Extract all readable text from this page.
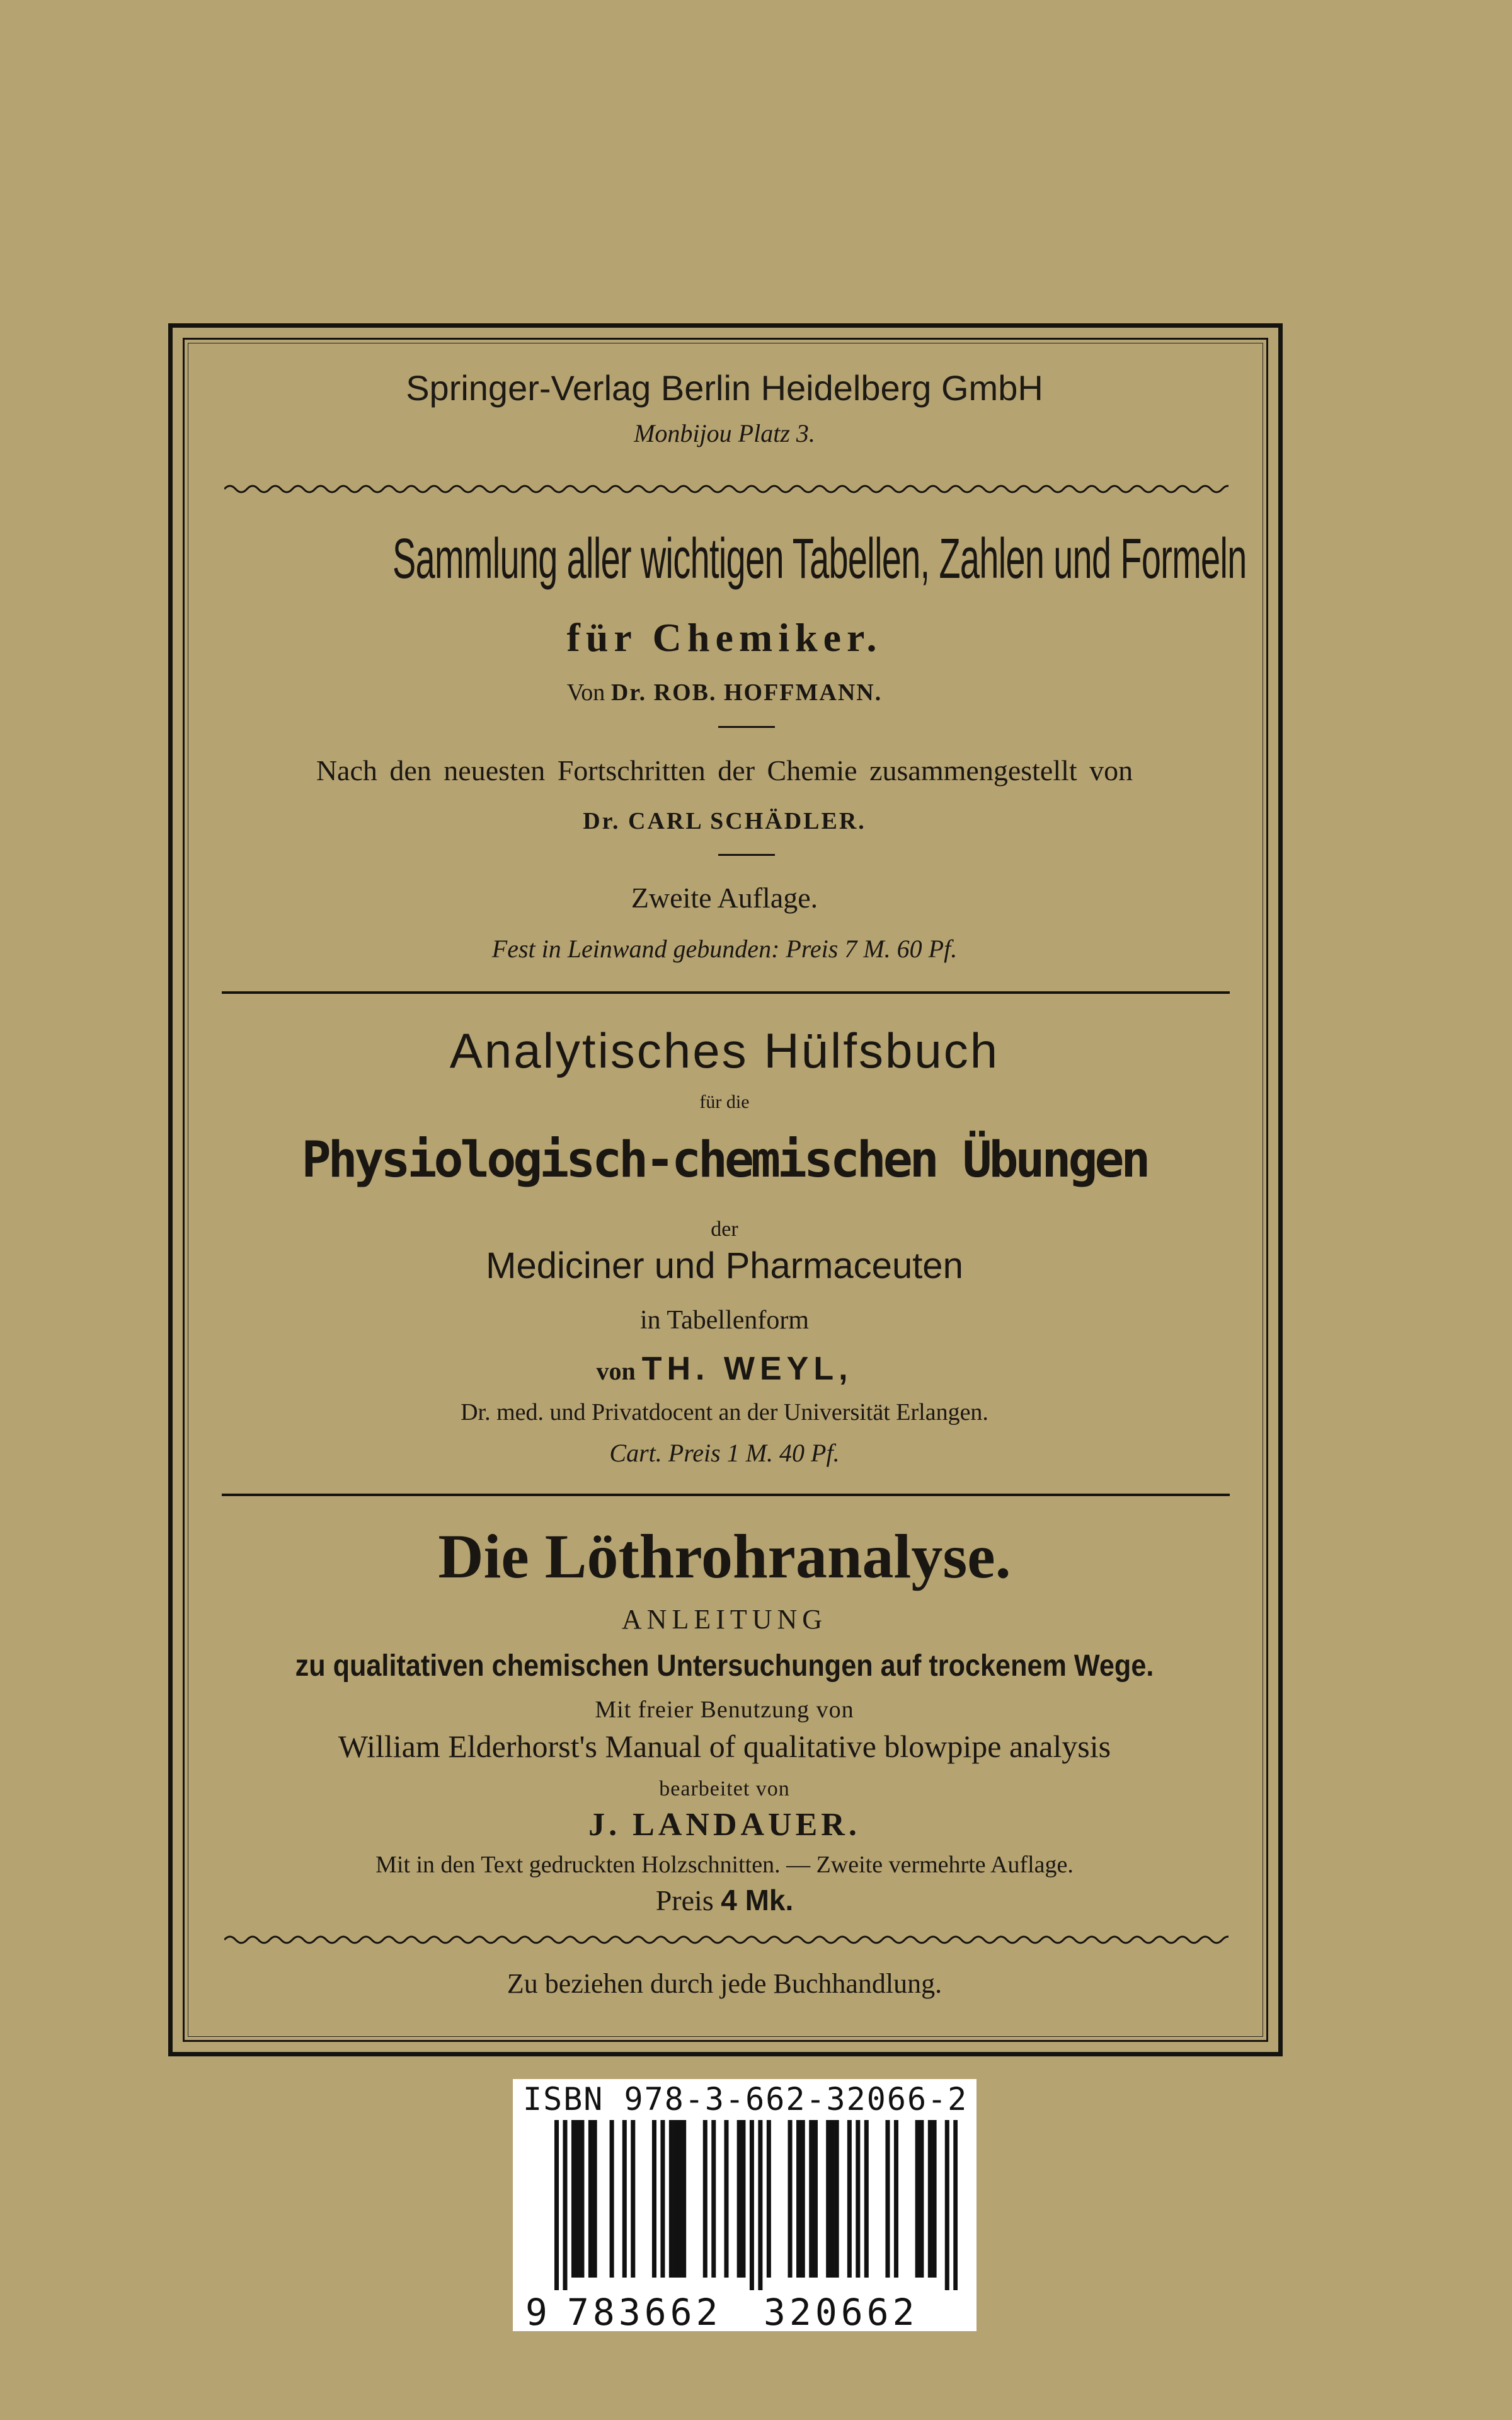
Springer-Verlag Berlin Heidelberg GmbH
Monbijou Platz 3.
Sammlung aller wichtigen Tabellen, Zahlen und Formeln
für Chemiker.
Von Dr. ROB. HOFFMANN.
Nach den neuesten Fortschritten der Chemie zusammengestellt von
Dr. CARL SCHÄDLER.
Zweite Auflage.
Fest in Leinwand gebunden: Preis 7 M. 60 Pf.
Analytisches Hülfsbuch
für die
Physiologisch-chemischen Übungen
der
Mediciner und Pharmaceuten
in Tabellenform
von TH. WEYL,
Dr. med. und Privatdocent an der Universität Erlangen.
Cart. Preis 1 M. 40 Pf.
Die Löthrohranalyse.
ANLEITUNG
zu qualitativen chemischen Untersuchungen auf trockenem Wege.
Mit freier Benutzung von
William Elderhorst's Manual of qualitative blowpipe analysis
bearbeitet von
J. LANDAUER.
Mit in den Text gedruckten Holzschnitten. — Zweite vermehrte Auflage.
Preis 4 Mk.
Zu beziehen durch jede Buchhandlung.
ISBN 978-3-662-32066-2
9 783662 320662
